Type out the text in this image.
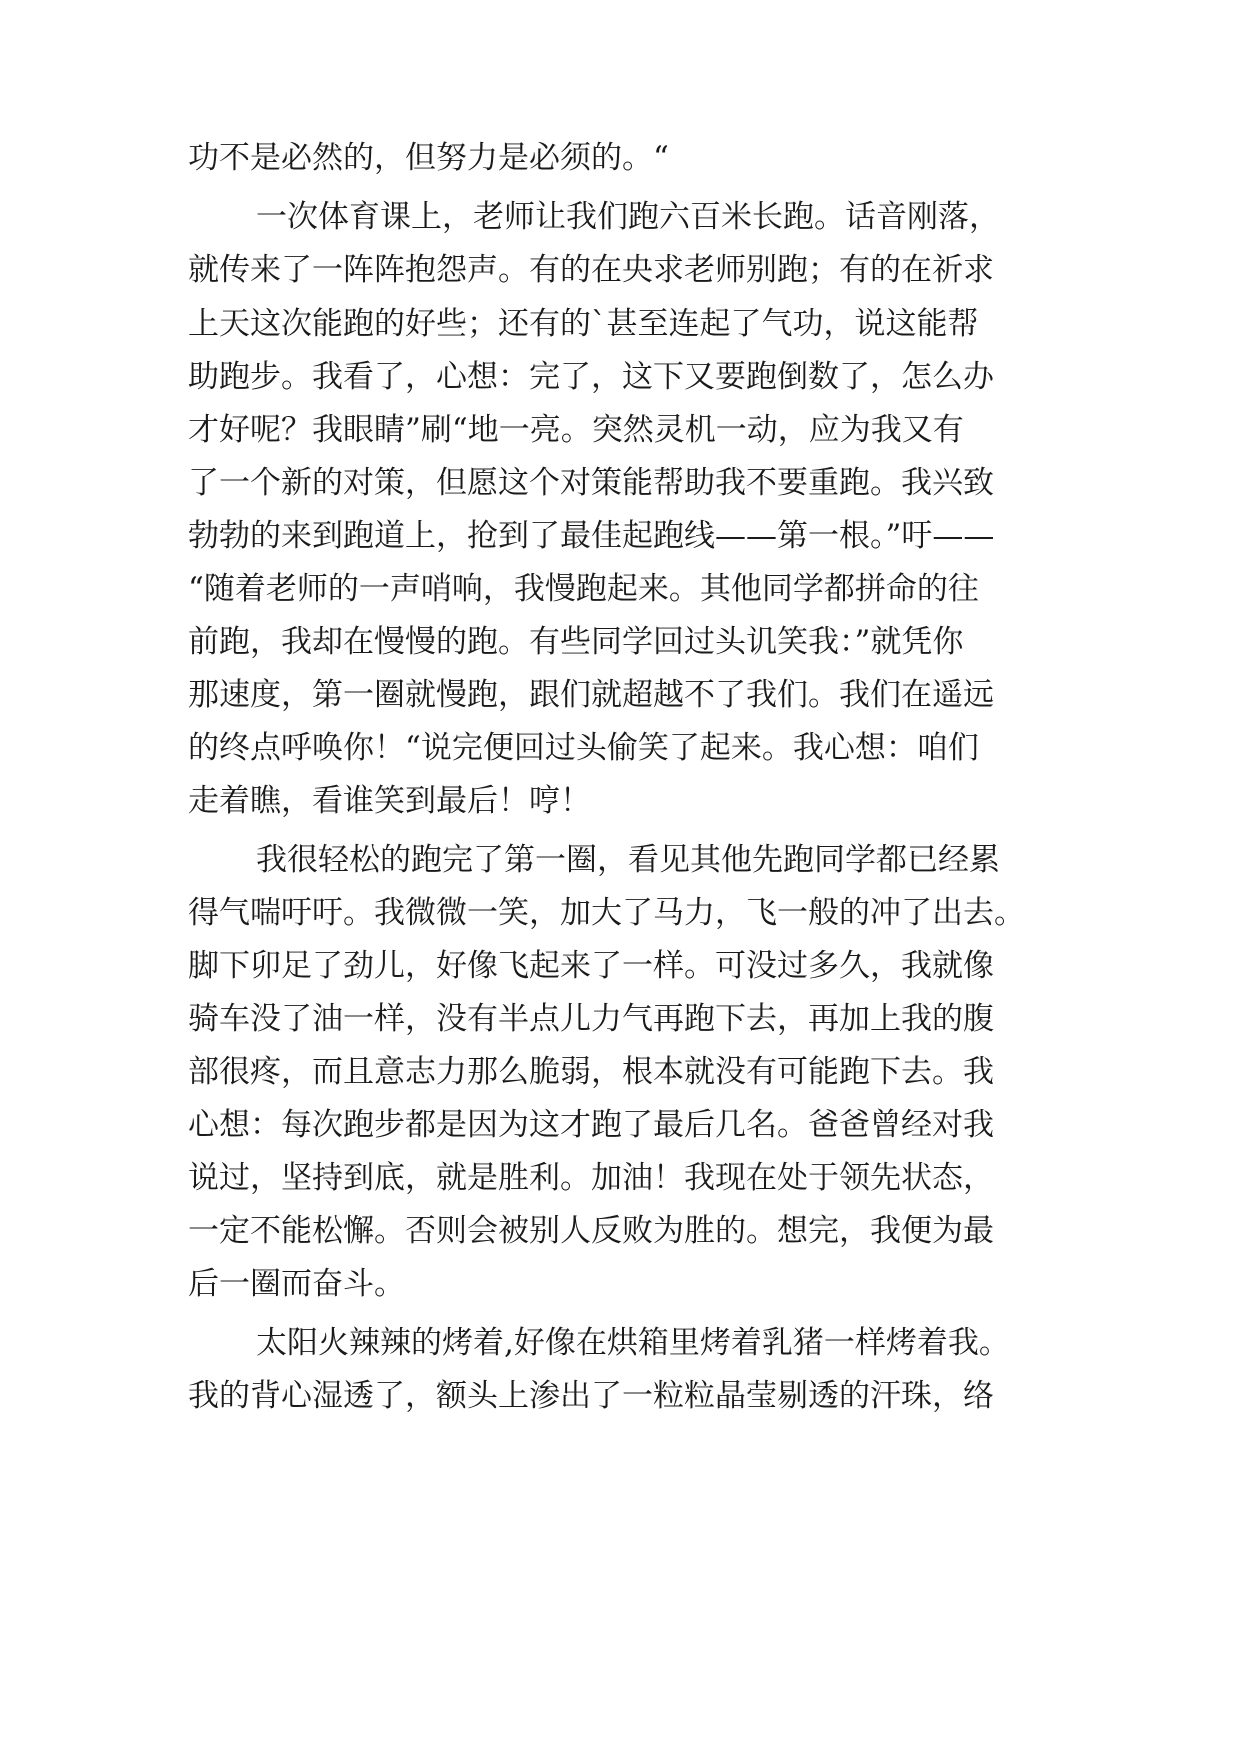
功不是必然的，但努力是必须的。“
一次体育课上，老师让我们跑六百米长跑。话音刚落，
就传来了一阵阵抱怨声。有的在央求老师别跑；有的在祈求
上天这次能跑的好些；还有的`甚至连起了气功，说这能帮
助跑步。我看了，心想：完了，这下又要跑倒数了，怎么办
才好呢？我眼睛”刷“地一亮。突然灵机一动，应为我又有
了一个新的对策，但愿这个对策能帮助我不要重跑。我兴致
勃勃的来到跑道上，抢到了最佳起跑线——第一根。”吁——
“随着老师的一声哨响，我慢跑起来。其他同学都拼命的往
前跑，我却在慢慢的跑。有些同学回过头讥笑我：”就凭你
那速度，第一圈就慢跑，跟们就超越不了我们。我们在遥远
的终点呼唤你！“说完便回过头偷笑了起来。我心想：咱们
走着瞧，看谁笑到最后！哼！
我很轻松的跑完了第一圈，看见其他先跑同学都已经累
得气喘吁吁。我微微一笑，加大了马力，飞一般的冲了出去。
脚下卯足了劲儿，好像飞起来了一样。可没过多久，我就像
骑车没了油一样，没有半点儿力气再跑下去，再加上我的腹
部很疼，而且意志力那么脆弱，根本就没有可能跑下去。我
心想：每次跑步都是因为这才跑了最后几名。爸爸曾经对我
说过，坚持到底，就是胜利。加油！我现在处于领先状态，
一定不能松懈。否则会被别人反败为胜的。想完，我便为最
后一圈而奋斗。
太阳火辣辣的烤着,好像在烘箱里烤着乳猪一样烤着我。
我的背心湿透了，额头上渗出了一粒粒晶莹剔透的汗珠，络
